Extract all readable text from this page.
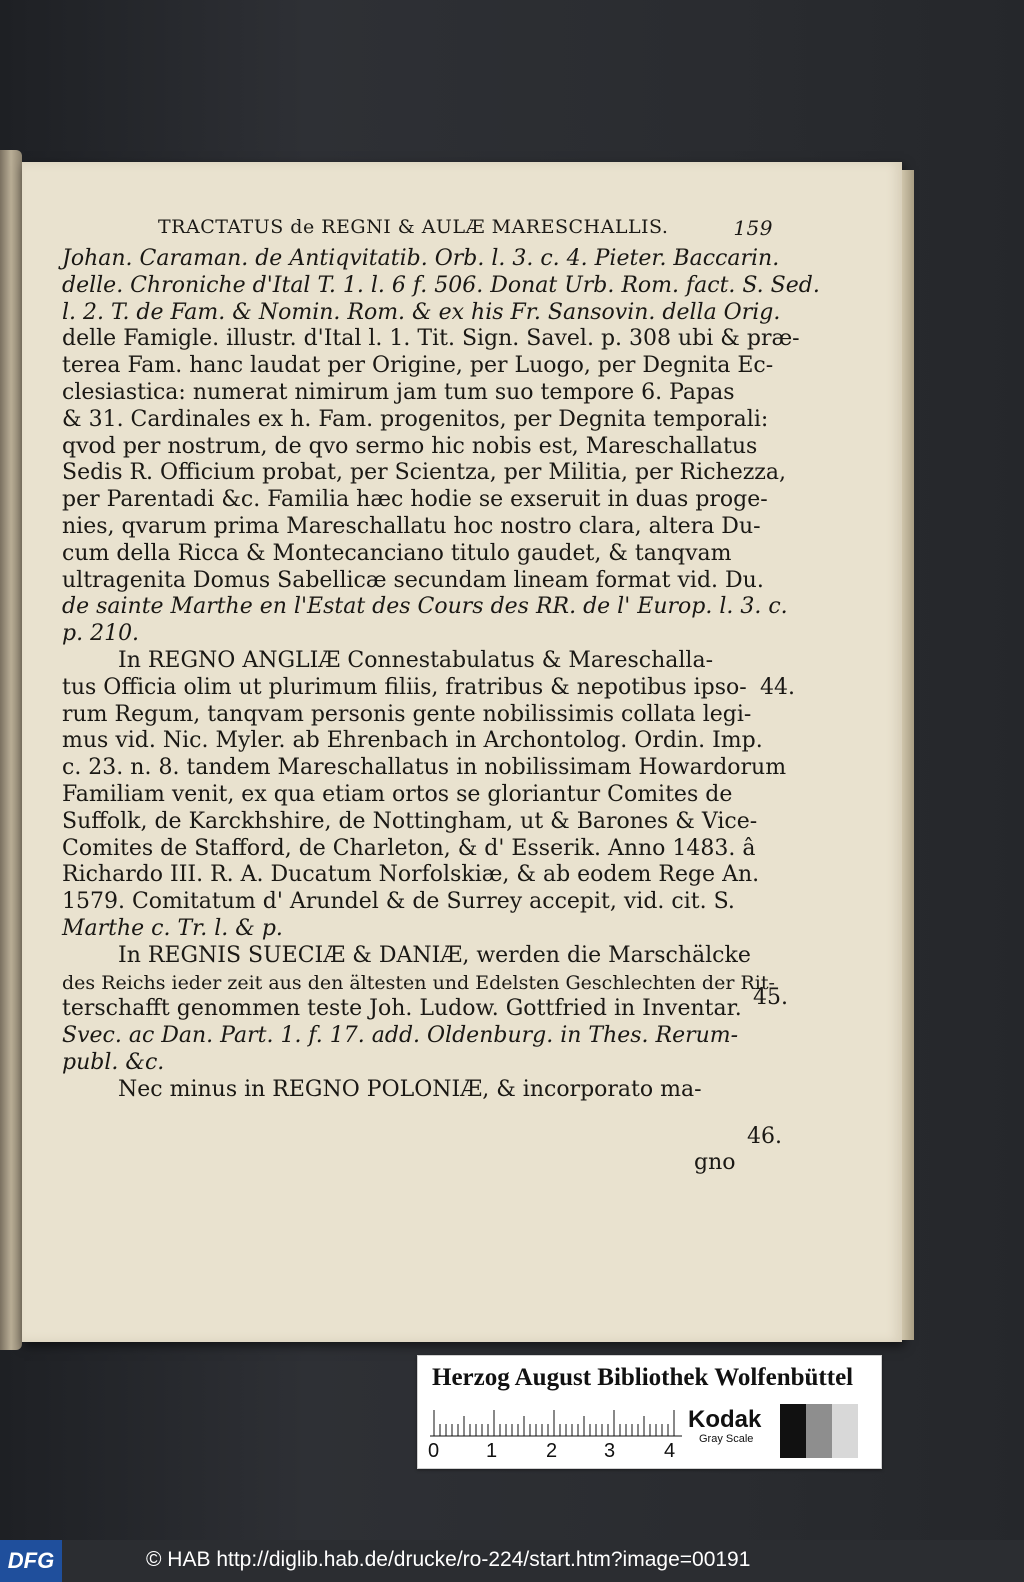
TRACTATUS de REGNI & AULÆ MARESCHALLIS.	159
Johan. Caraman. de Antiqvitatib. Orb. l. 3. c. 4. Pieter. Baccarin.
delle. Chroniche d'Ital T. 1. l. 6 f. 506. Donat Urb. Rom. fact. S. Sed.
l. 2. T. de Fam. & Nomin. Rom. & ex his Fr. Sansovin. della Orig.
delle Famigle. illustr. d'Ital l. 1. Tit. Sign. Savel. p. 308 ubi & præ-
terea Fam. hanc laudat per Origine, per Luogo, per Degnita Ec-
clesiastica: numerat nimirum jam tum suo tempore 6. Papas
& 31. Cardinales ex h. Fam. progenitos, per Degnita temporali:
qvod per nostrum, de qvo sermo hic nobis est, Mareschallatus
Sedis R. Officium probat, per Scientza, per Militia, per Richezza,
per Parentadi &c. Familia hæc hodie se exseruit in duas proge-
nies, qvarum prima Mareschallatu hoc nostro clara, altera Du-
cum della Ricca & Montecanciano titulo gaudet, & tanqvam
ultragenita Domus Sabellicæ secundam lineam format vid. Du.
de sainte Marthe en l'Estat des Cours des RR. de l' Europ. l. 3. c.
p. 210.
In REGNO ANGLIÆ Connestabulatus & Mareschalla-
tus Officia olim ut plurimum filiis, fratribus & nepotibus ipso-
rum Regum, tanqvam personis gente nobilissimis collata legi-
mus vid. Nic. Myler. ab Ehrenbach in Archontolog. Ordin. Imp.
c. 23. n. 8. tandem Mareschallatus in nobilissimam Howardorum
Familiam venit, ex qua etiam ortos se gloriantur Comites de
Suffolk, de Karckhshire, de Nottingham, ut & Barones & Vice-
Comites de Stafford, de Charleton, & d' Esserik. Anno 1483. â
Richardo III. R. A. Ducatum Norfolskiæ, & ab eodem Rege An.
1579. Comitatum d' Arundel & de Surrey accepit, vid. cit. S.
Marthe c. Tr. l. & p.
In REGNIS SUECIÆ & DANIÆ, werden die Marschälcke
des Reichs ieder zeit aus den ältesten und Edelsten Geschlechten der Rit-
terschafft genommen teste Joh. Ludow. Gottfried in Inventar.
Svec. ac Dan. Part. 1. f. 17. add. Oldenburg. in Thes. Rerum-
publ. &c.
Nec minus in REGNO POLONIÆ, & incorporato ma-
44.
45.
46.
gno
Herzog August Bibliothek Wolfenbüttel
0 1 2 3 4
Kodak
Gray Scale
DFG	© HAB http://diglib.hab.de/drucke/ro-224/start.htm?image=00191
